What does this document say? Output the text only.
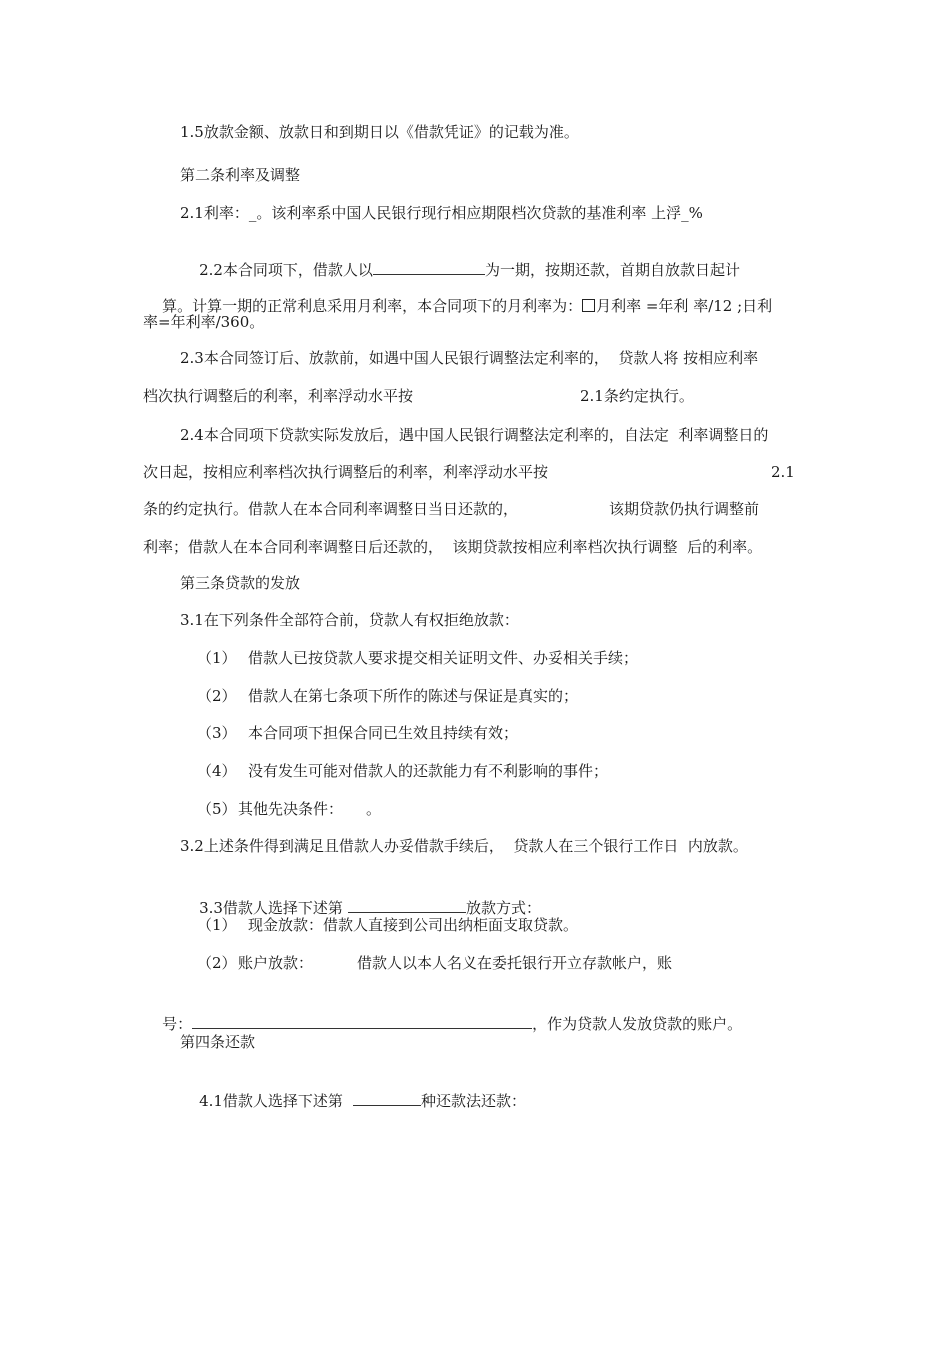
1.5放款金额、放款日和到期日以《借款凭证》的记载为准。
第二条利率及调整
2.1利率：_。该利率系中国人民银行现行相应期限档次贷款的基准利率 上浮_%

2.2本合同项下，借款人以	为一期，按期还款，首期自放款日起计

算。计算一期的正常利息采用月利率，本合同项下的月利率为： 月利率 =年利 率/12 ;日利

率=年利率/360。
2.3本合同签订后、放款前，如遇中国人民银行调整法定利率的，  贷款人将 按相应利率
档次执行调整后的利率，利率浮动水平按	2.1条约定执行。
2.4本合同项下贷款实际发放后，遇中国人民银行调整法定利率的，自法定  利率调整日的
次日起，按相应利率档次执行调整后的利率，利率浮动水平按	2.1
条的约定执行。借款人在本合同利率调整日当日还款的，	该期贷款仍执行调整前
利率；借款人在本合同利率调整日后还款的，  该期贷款按相应利率档次执行调整  后的利率。
第三条贷款的发放
3.1在下列条件全部符合前，贷款人有权拒绝放款：
（1） 借款人已按贷款人要求提交相关证明文件、办妥相关手续；
（2） 借款人在第七条项下所作的陈述与保证是真实的；
（3） 本合同项下担保合同已生效且持续有效；
（4） 没有发生可能对借款人的还款能力有不利影响的事件；
（5） 其他先决条件： 。
3.2上述条件得到满足且借款人办妥借款手续后，  贷款人在三个银行工作日  内放款。

3.3借款人选择下述第	放款方式：

（1） 现金放款：借款人直接到公司出纳柜面支取贷款。
（2） 账户放款：	借款人以本人名义在委托银行开立存款帐户，账

号：	，作为贷款人发放贷款的账户。

第四条还款

4.1借款人选择下述第	种还款法还款：
